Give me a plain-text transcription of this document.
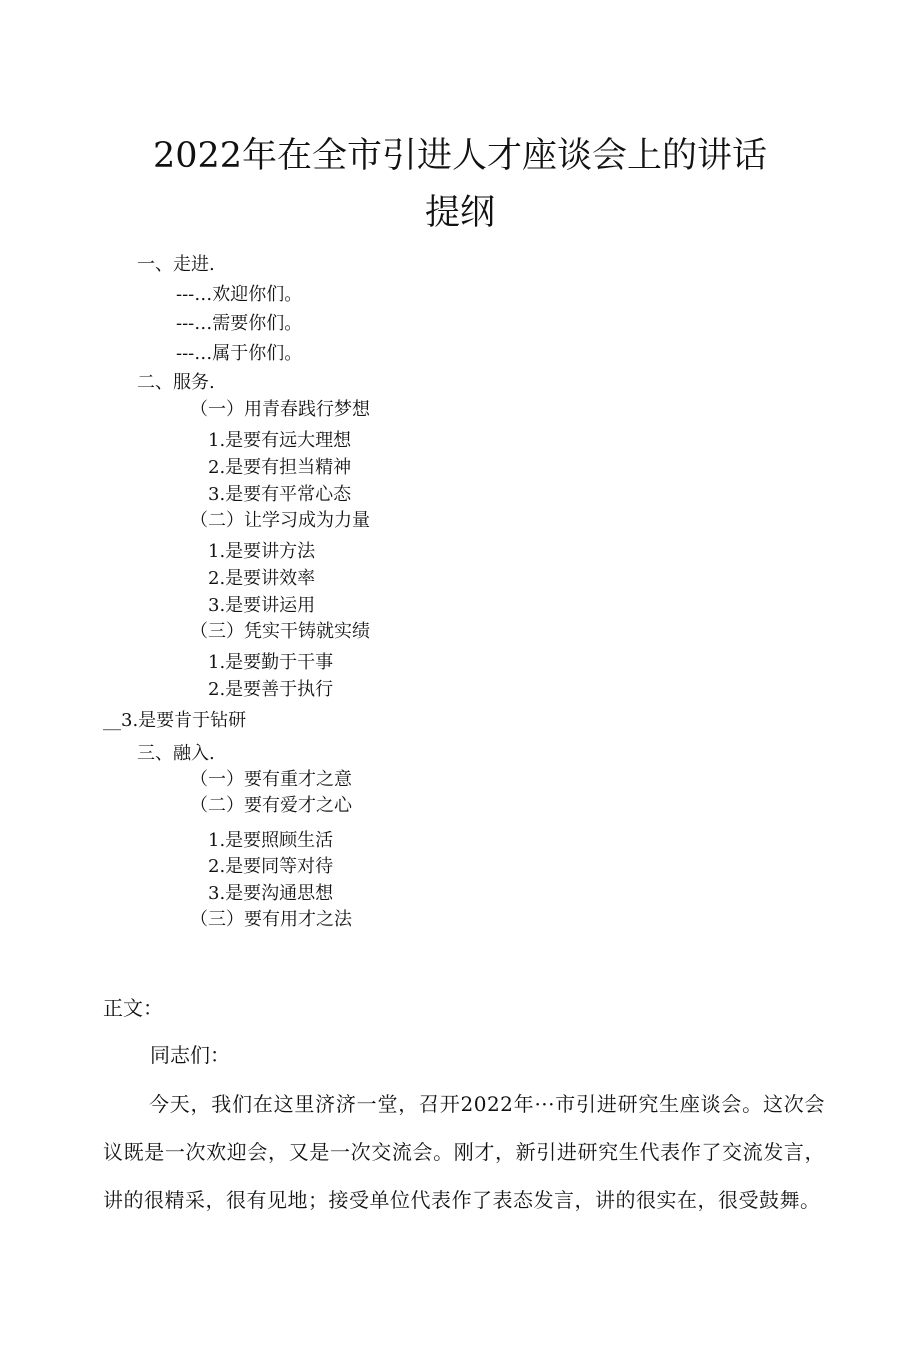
2022年在全市引进人才座谈会上的讲话
提纲
一、走进.
---…欢迎你们。
---…需要你们。
---…属于你们。
二、服务.
（一）用青春践行梦想
1.是要有远大理想
2.是要有担当精神
3.是要有平常心态
（二）让学习成为力量
1.是要讲方法
2.是要讲效率
3.是要讲运用
（三）凭实干铸就实绩
1.是要勤于干事
2.是要善于执行
__3.是要肯于钻研
三、融入.
（一）要有重才之意
（二）要有爱才之心
1.是要照顾生活
2.是要同等对待
3.是要沟通思想
（三）要有用才之法
正文：
同志们：
今天，我们在这里济济一堂，召开2022年···市引进研究生座谈会。这次会议既是一次欢迎会，又是一次交流会。刚才，新引进研究生代表作了交流发言，讲的很精采，很有见地；接受单位代表作了表态发言，讲的很实在，很受鼓舞。
